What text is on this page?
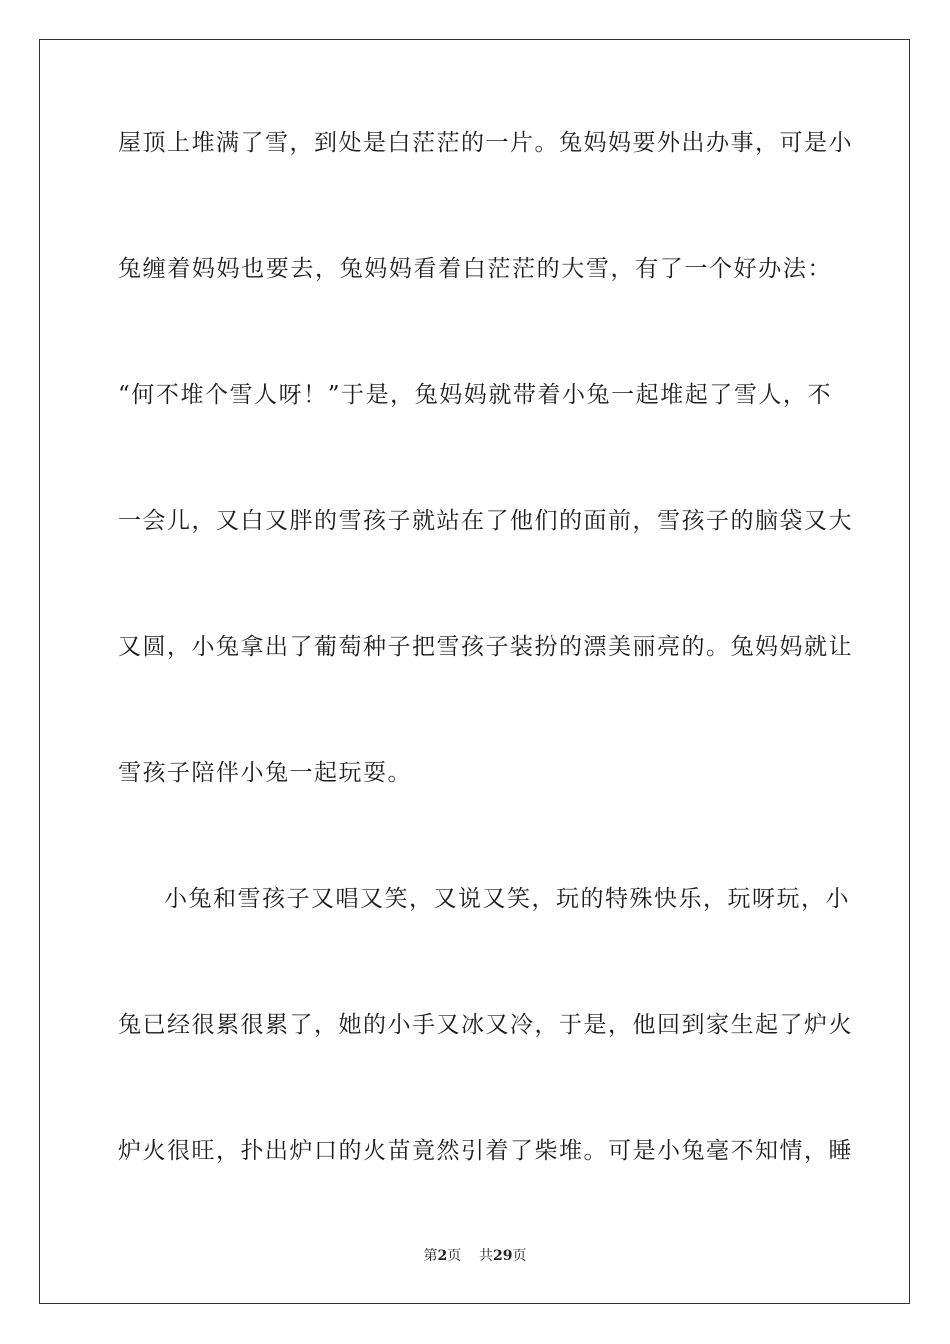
屋顶上堆满了雪，到处是白茫茫的一片。兔妈妈要外出办事，可是小
兔缠着妈妈也要去，兔妈妈看着白茫茫的大雪，有了一个好办法：
“何不堆个雪人呀！”于是，兔妈妈就带着小兔一起堆起了雪人，不
一会儿，又白又胖的雪孩子就站在了他们的面前，雪孩子的脑袋又大
又圆，小兔拿出了葡萄种子把雪孩子装扮的漂美丽亮的。兔妈妈就让
雪孩子陪伴小兔一起玩耍。
小兔和雪孩子又唱又笑，又说又笑，玩的特殊快乐，玩呀玩，小
兔已经很累很累了，她的小手又冰又冷，于是，他回到家生起了炉火
炉火很旺，扑出炉口的火苗竟然引着了柴堆。可是小兔毫不知情，睡
第2页 共29页
